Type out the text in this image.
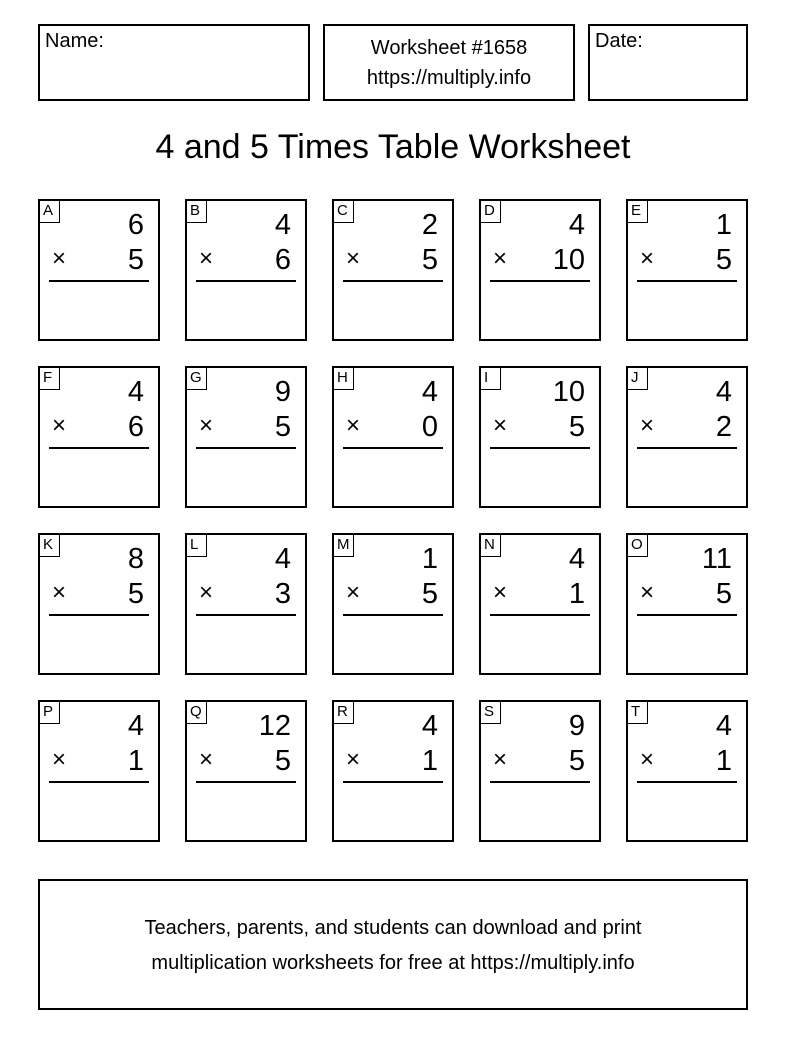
Name:	Worksheet #1658
https://multiply.info
Date:
4 and 5 Times Table Worksheet
A	6
× 5
B	4
× 6
C	2
× 5
D	4
× 10
E	1
× 5
F	4
× 6
G	9
× 5
H	4
× 0
I	10
× 5
J	4
× 2
K	8
× 5
L	4
× 3
M 1
× 5
N	4
× 1
O 11
× 5
P	4
× 1
Q 12
× 5
R	4
× 1
S	9
× 5
T	4
× 1
Teachers, parents, and students can download and print
multiplication worksheets for free at https://multiply.info
